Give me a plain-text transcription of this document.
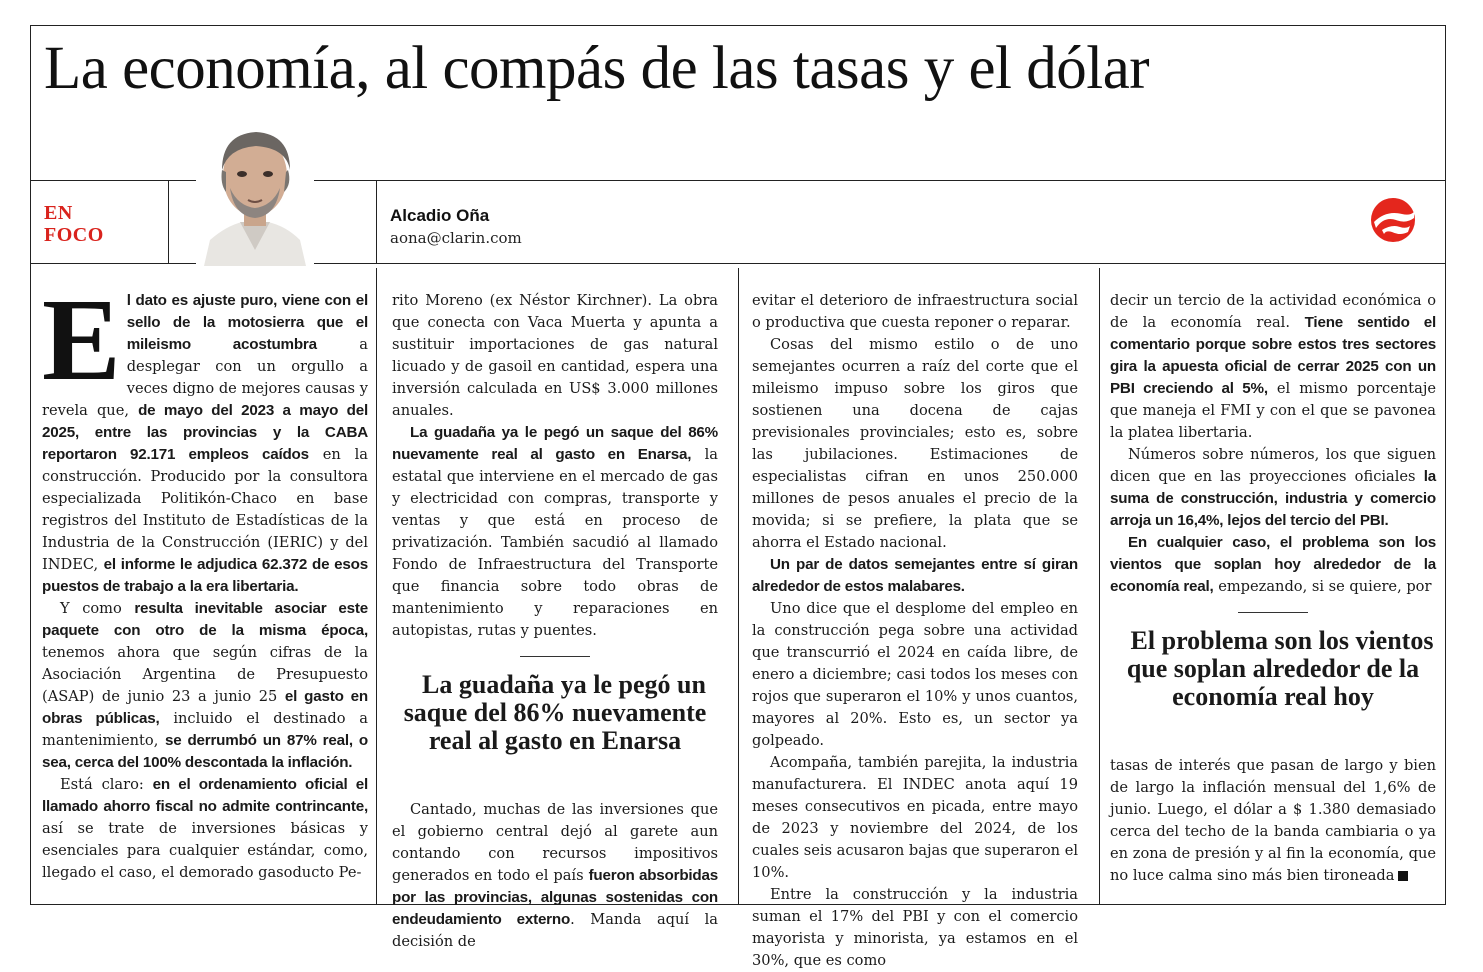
La economía, al compás de las tasas y el dólar
EN
FOCO
Alcadio Oña
aona@clarin.com

El dato es ajuste puro, viene con el sello de la motosierra que el mileismo acostumbra a desplegar con un orgullo a veces digno de mejores causas y revela que, de mayo del 2023 a mayo del 2025, entre las provincias y la CABA reportaron 92.171 empleos caídos en la construcción. Producido por la consultora especializada Politikón-Chaco en base registros del Instituto de Estadísticas de la Industria de la Construcción (IERIC) y del INDEC, el informe le adjudica 62.372 de esos puestos de trabajo a la era libertaria.

Y como resulta inevitable asociar este paquete con otro de la misma época, tenemos ahora que según cifras de la Asociación Argentina de Presupuesto (ASAP) de junio 23 a junio 25 el gasto en obras públicas, incluido el destinado a mantenimiento, se derrumbó un 87% real, o sea, cerca del 100% descontada la inflación.

Está claro: en el ordenamiento oficial el llamado ahorro fiscal no admite contrincante, así se trate de inversiones básicas y esenciales para cualquier estándar, como, llegado el caso, el demorado gasoducto Pe-

rito Moreno (ex Néstor Kirchner). La obra que conecta con Vaca Muerta y apunta a sustituir importaciones de gas natural licuado y de gasoil en cantidad, espera una inversión calculada en US$ 3.000 millones anuales.

La guadaña ya le pegó un saque del 86% nuevamente real al gasto en Enarsa, la estatal que interviene en el mercado de gas y electricidad con compras, transporte y ventas y que está en proceso de privatización. También sacudió al llamado Fondo de Infraestructura del Transporte que financia sobre todo obras de mantenimiento y reparaciones en autopistas, rutas y puentes.

La guadaña ya le pegó un saque del 86% nuevamente real al gasto en Enarsa

Cantado, muchas de las inversiones que el gobierno central dejó al garete aun contando con recursos impositivos generados en todo el país fueron absorbidas por las provincias, algunas sostenidas con endeudamiento externo. Manda aquí la decisión de

evitar el deterioro de infraestructura social o productiva que cuesta reponer o reparar.

Cosas del mismo estilo o de uno semejantes ocurren a raíz del corte que el mileismo impuso sobre los giros que sostienen una docena de cajas previsionales provinciales; esto es, sobre las jubilaciones. Estimaciones de especialistas cifran en unos 250.000 millones de pesos anuales el precio de la movida; si se prefiere, la plata que se ahorra el Estado nacional.

Un par de datos semejantes entre sí giran alrededor de estos malabares.

Uno dice que el desplome del empleo en la construcción pega sobre una actividad que transcurrió el 2024 en caída libre, de enero a diciembre; casi todos los meses con rojos que superaron el 10% y unos cuantos, mayores al 20%. Esto es, un sector ya golpeado.

Acompaña, también parejita, la industria manufacturera. El INDEC anota aquí 19 meses consecutivos en picada, entre mayo de 2023 y noviembre del 2024, de los cuales seis acusaron bajas que superaron el 10%.

Entre la construcción y la industria suman el 17% del PBI y con el comercio mayorista y minorista, ya estamos en el 30%, que es como

decir un tercio de la actividad económica o de la economía real. Tiene sentido el comentario porque sobre estos tres sectores gira la apuesta oficial de cerrar 2025 con un PBI creciendo al 5%, el mismo porcentaje que maneja el FMI y con el que se pavonea la platea libertaria.

Números sobre números, los que siguen dicen que en las proyecciones oficiales la suma de construcción, industria y comercio arroja un 16,4%, lejos del tercio del PBI.

En cualquier caso, el problema son los vientos que soplan hoy alrededor de la economía real, empezando, si se quiere, por

El problema son los vientos que soplan alrededor de la economía real hoy

tasas de interés que pasan de largo y bien de largo la inflación mensual del 1,6% de junio. Luego, el dólar a $ 1.380 demasiado cerca del techo de la banda cambiaria o ya en zona de presión y al fin la economía, que no luce calma sino más bien tironeada
